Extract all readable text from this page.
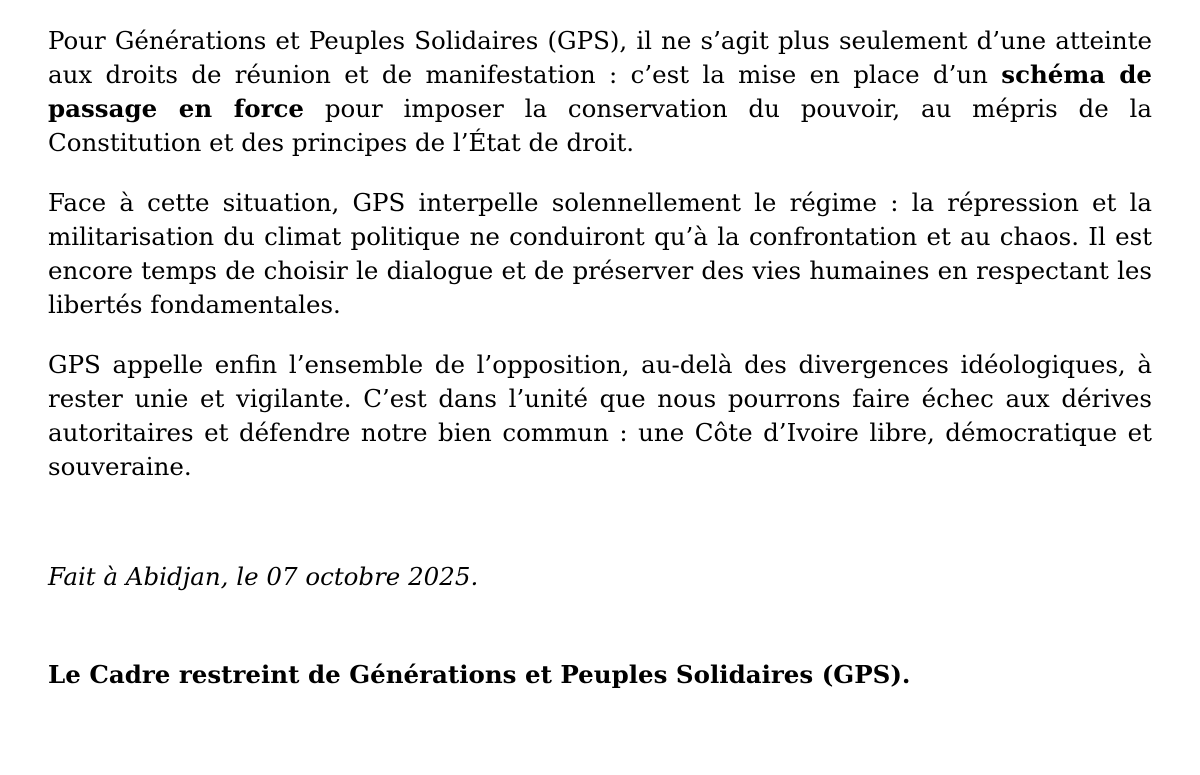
Pour Générations et Peuples Solidaires (GPS), il ne s’agit plus seulement d’une atteinte aux droits de réunion et de manifestation : c’est la mise en place d’un schéma de passage en force pour imposer la conservation du pouvoir, au mépris de la Constitution et des principes de l’État de droit.

Face à cette situation, GPS interpelle solennellement le régime : la répression et la militarisation du climat politique ne conduiront qu’à la confrontation et au chaos. Il est encore temps de choisir le dialogue et de préserver des vies humaines en respectant les libertés fondamentales.

GPS appelle enfin l’ensemble de l’opposition, au-delà des divergences idéologiques, à rester unie et vigilante. C’est dans l’unité que nous pourrons faire échec aux dérives autoritaires et défendre notre bien commun : une Côte d’Ivoire libre, démocratique et souveraine.

Fait à Abidjan, le 07 octobre 2025.

Le Cadre restreint de Générations et Peuples Solidaires (GPS).
